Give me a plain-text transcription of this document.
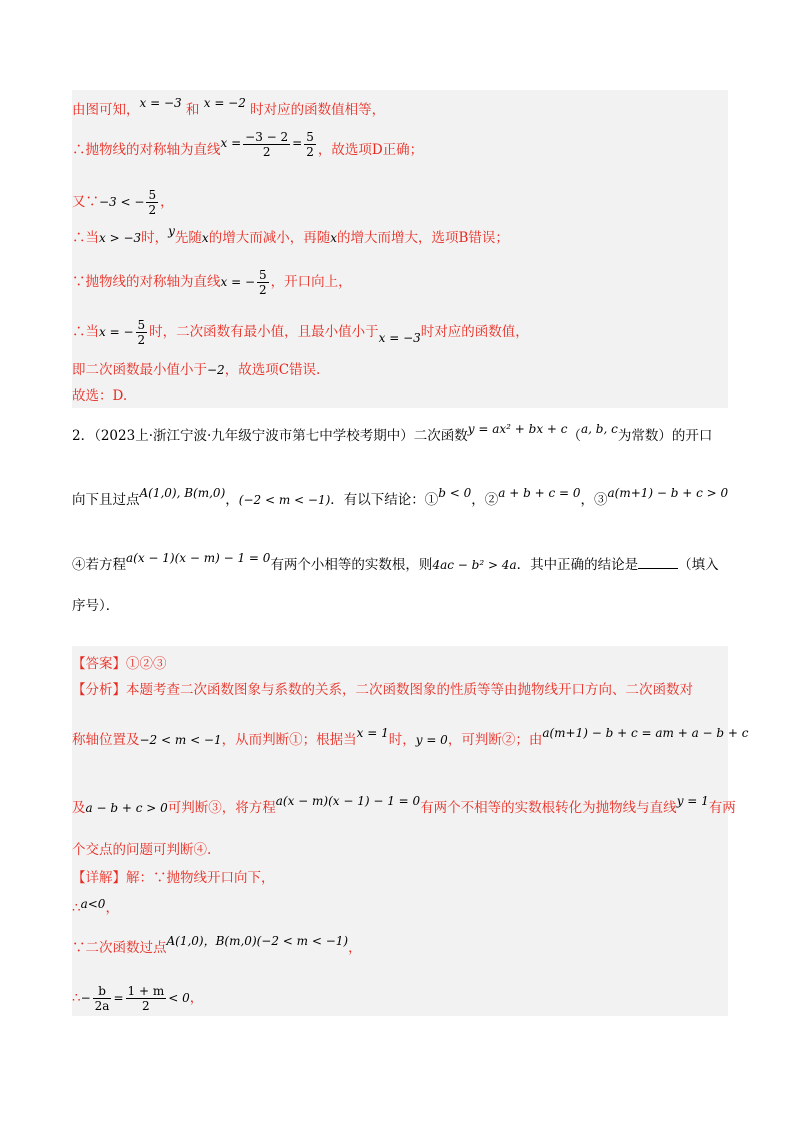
由图可知，x = −3 和 x = −2 时对应的函数值相等，
∴抛物线的对称轴为直线$x = \frac{-3 - 2}{2} = \frac{5}{2}$ ，故选项D正确；
又∵−3 < − $\frac{5}{2}$ ，
∴当x > −3时，y先随x的增大而减小，再随x的增大而增大，选项B错误；
∵抛物线的对称轴为直线x = − $\frac{5}{2}$ ，开口向上，
∴当x = − $\frac{5}{2}$ 时，二次函数有最小值，且最小值小于x = −3时对应的函数值，
即二次函数最小值小于−2，故选项C错误.
故选：D.
2．（2023上·浙江宁波·九年级宁波市第七中学校考期中）二次函数y = ax² + bx + c（a, b, c为常数）的开口
向下且过点A(1,0), B(m,0)，(−2 < m < −1)．有以下结论：①b < 0，②a + b + c = 0，③a(m+1) − b + c > 0
④若方程a(x − 1)(x − m) − 1 = 0有两个小相等的实数根，则4ac − b² > 4a．其中正确的结论是	（填入
序号）．
【答案】①②③
【分析】本题考查二次函数图象与系数的关系，二次函数图象的性质等等由抛物线开口方向、二次函数对
称轴位置及−2 < m < −1，从而判断①；根据当x = 1时，y = 0，可判断②；由a(m+1) − b + c = am + a − b + c
及a − b + c > 0可判断③，将方程a(x − m)(x − 1) − 1 = 0有两个不相等的实数根转化为抛物线与直线y = 1有两
个交点的问题可判断④.
【详解】解：∵抛物线开口向下，
∴a<0，
∵二次函数过点A(1,0)，B(m,0)(−2 < m < −1)，
∴− $\frac{b}{2a} = \frac{1 + m}{2} < 0$，
